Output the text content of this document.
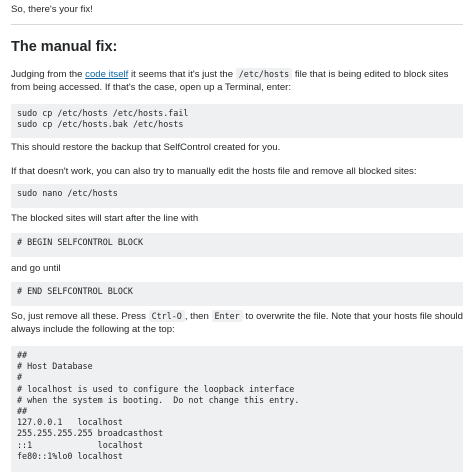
So, there's your fix!

The manual fix:

Judging from the code itself it seems that it's just the /etc/hosts file that is being edited to block sites from being accessed. If that's the case, open up a Terminal, enter:

sudo cp /etc/hosts /etc/hosts.fail
sudo cp /etc/hosts.bak /etc/hosts

This should restore the backup that SelfControl created for you.

If that doesn't work, you can also try to manually edit the hosts file and remove all blocked sites:

sudo nano /etc/hosts

The blocked sites will start after the line with

# BEGIN SELFCONTROL BLOCK

and go until

# END SELFCONTROL BLOCK

So, just remove all these. Press Ctrl-O , then Enter to overwrite the file. Note that your hosts file should always include the following at the top:

##
# Host Database
#
# localhost is used to configure the loopback interface
# when the system is booting.  Do not change this entry.
##
127.0.0.1   localhost
255.255.255.255 broadcasthost
::1             localhost
fe80::1%lo0 localhost
